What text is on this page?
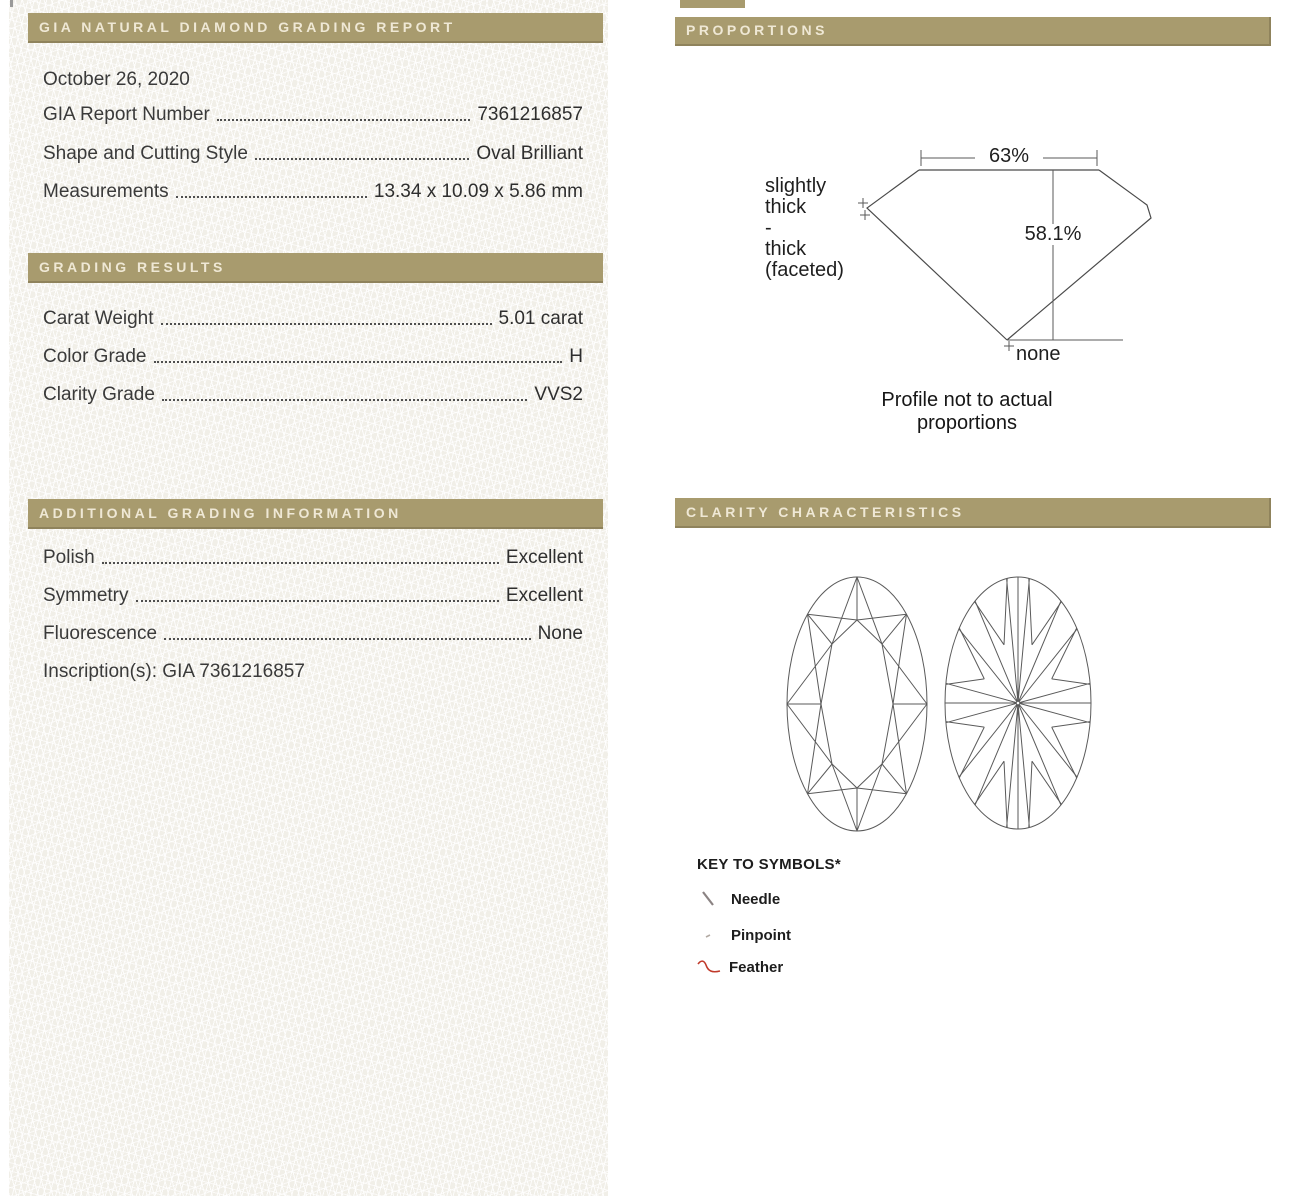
GIA NATURAL DIAMOND GRADING REPORT
October 26, 2020
GIA Report Number	7361216857
Shape and Cutting Style	Oval Brilliant
Measurements	13.34 x 10.09 x 5.86 mm
GRADING RESULTS
Carat Weight	5.01 carat
Color Grade	H
Clarity Grade	VVS2
ADDITIONAL GRADING INFORMATION
Polish	Excellent
Symmetry	Excellent
Fluorescence	None
Inscription(s): GIA 7361216857
PROPORTIONS
63%
58.1%
slightly
thick
-
thick
(faceted)
none
Profile not to actual proportions
CLARITY CHARACTERISTICS
KEY TO SYMBOLS*
Needle
Pinpoint
Feather
